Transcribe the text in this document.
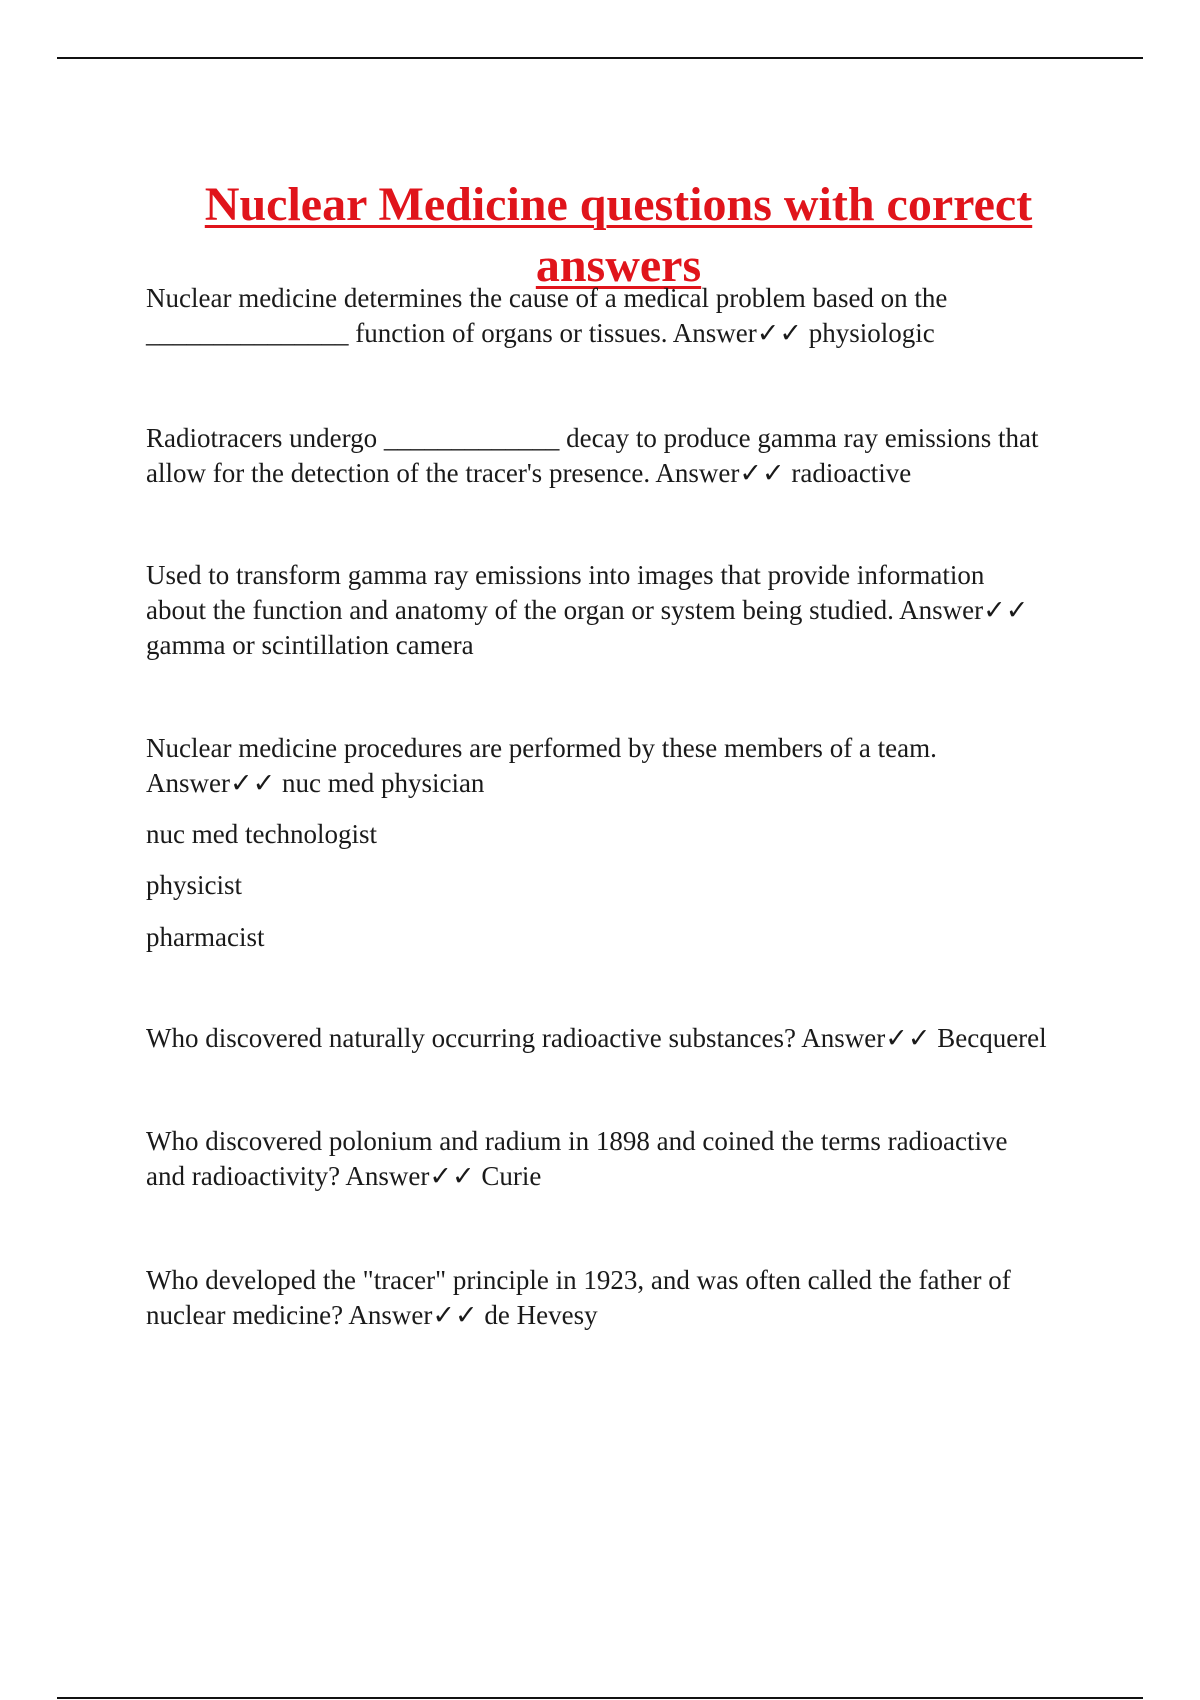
Nuclear Medicine questions with correct
answers

Nuclear medicine determines the cause of a medical problem based on the
_______________ function of organs or tissues. Answer✓✓ physiologic

Radiotracers undergo _____________ decay to produce gamma ray emissions that
allow for the detection of the tracer's presence. Answer✓✓ radioactive

Used to transform gamma ray emissions into images that provide information
about the function and anatomy of the organ or system being studied. Answer✓✓
gamma or scintillation camera

Nuclear medicine procedures are performed by these members of a team.
Answer✓✓ nuc med physician

nuc med technologist

physicist

pharmacist

Who discovered naturally occurring radioactive substances? Answer✓✓ Becquerel

Who discovered polonium and radium in 1898 and coined the terms radioactive
and radioactivity? Answer✓✓ Curie

Who developed the "tracer" principle in 1923, and was often called the father of
nuclear medicine? Answer✓✓ de Hevesy
